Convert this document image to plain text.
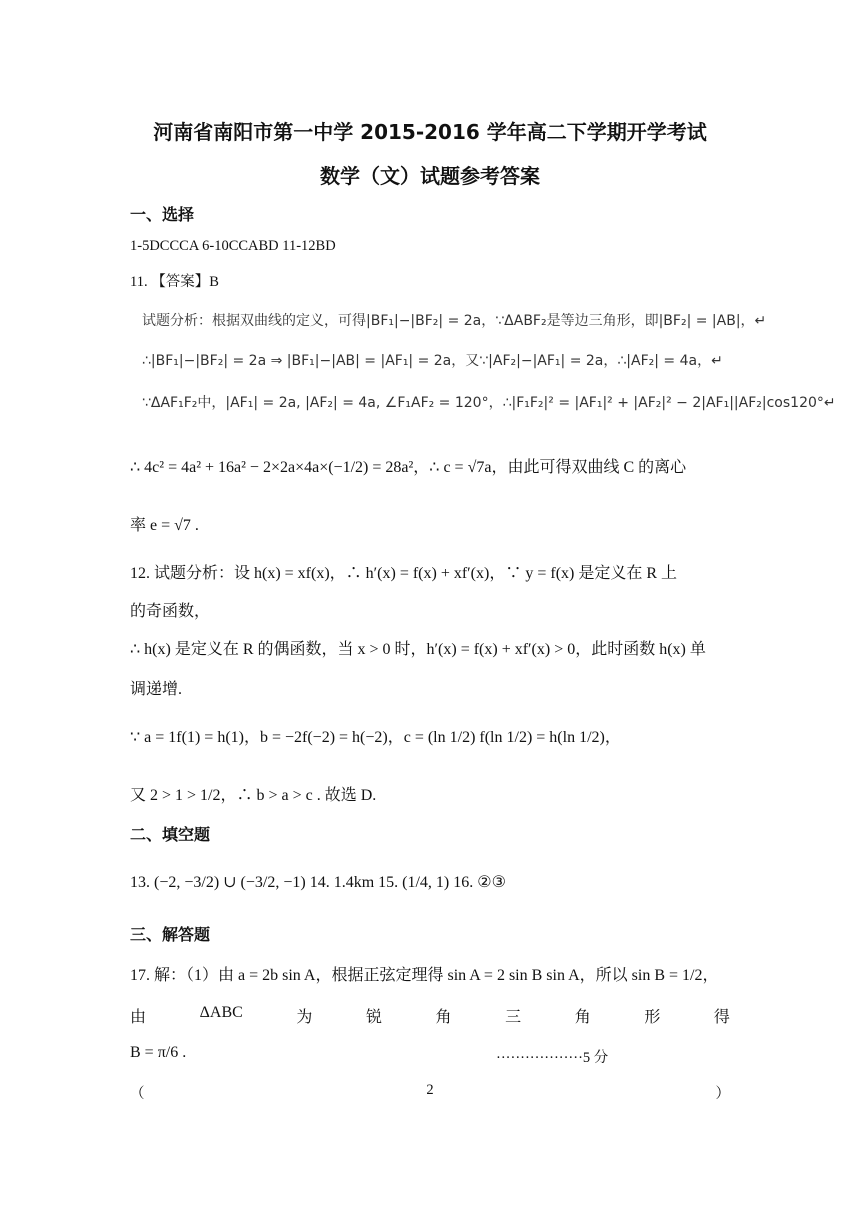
河南省南阳市第一中学 2015-2016 学年高二下学期开学考试
数学（文）试题参考答案
一、选择
1-5DCCCA 6-10CCABD 11-12BD
11. 【答案】B
试题分析：根据双曲线的定义，可得|BF₁|−|BF₂| = 2a，∵ΔABF₂是等边三角形，即|BF₂| = |AB|，↵
∴|BF₁|−|BF₂| = 2a ⇒ |BF₁|−|AB| = |AF₁| = 2a，又∵|AF₂|−|AF₁| = 2a，∴|AF₂| = 4a，↵
∵ΔAF₁F₂中，|AF₁| = 2a, |AF₂| = 4a, ∠F₁AF₂ = 120°，∴|F₁F₂|² = |AF₁|² + |AF₂|² − 2|AF₁||AF₂|cos120°↵
∴ 4c² = 4a² + 16a² − 2×2a×4a×(−1/2) = 28a²，∴ c = √7a，由此可得双曲线 C 的离心
率 e = √7 .
12. 试题分析：设 h(x) = xf(x)，∴ h′(x) = f(x) + xf′(x)，∵ y = f(x) 是定义在 R 上
的奇函数，
∴ h(x) 是定义在 R 的偶函数，当 x > 0 时，h′(x) = f(x) + xf′(x) > 0，此时函数 h(x) 单
调递增.
∵ a = 1f(1) = h(1)，b = −2f(−2) = h(−2)，c = (ln 1/2) f(ln 1/2) = h(ln 1/2)，
又 2 > 1 > 1/2，∴ b > a > c . 故选 D.
二、填空题
13. (−2, −3/2) ∪ (−3/2, −1) 14. 1.4km 15. (1/4, 1) 16. ②③
三、解答题
17. 解：（1）由 a = 2b sin A，根据正弦定理得 sin A = 2 sin B sin A，所以 sin B = 1/2，
由	ΔABC	为	锐	角	三	角	形	得
B = π/6 .	··················5 分
（	2	）
